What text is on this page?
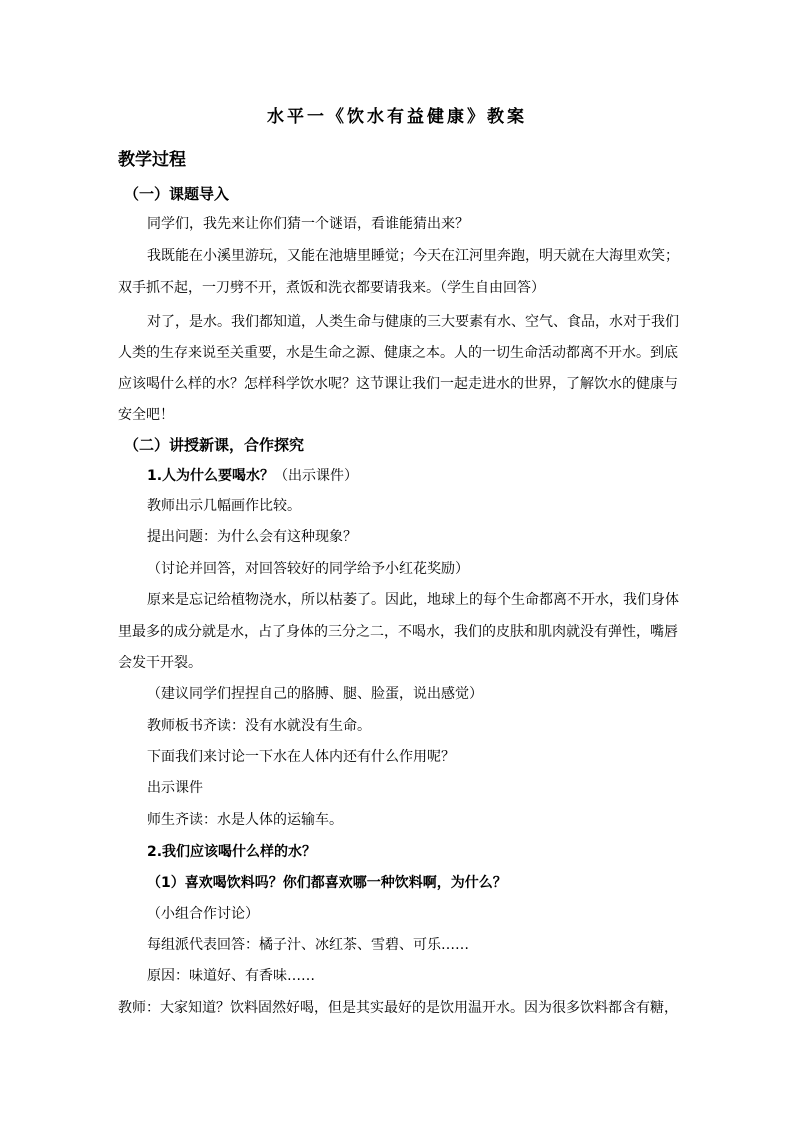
水平一《饮水有益健康》教案
教学过程
（一）课题导入
同学们，我先来让你们猜一个谜语，看谁能猜出来？
我既能在小溪里游玩，又能在池塘里睡觉；今天在江河里奔跑，明天就在大海里欢笑；
双手抓不起，一刀劈不开，煮饭和洗衣都要请我来。（学生自由回答）
对了，是水。我们都知道，人类生命与健康的三大要素有水、空气、食品，水对于我们
人类的生存来说至关重要，水是生命之源、健康之本。人的一切生命活动都离不开水。到底
应该喝什么样的水？怎样科学饮水呢？这节课让我们一起走进水的世界，了解饮水的健康与
安全吧！
（二）讲授新课，合作探究
1.人为什么要喝水？（出示课件）
教师出示几幅画作比较。
提出问题：为什么会有这种现象？
（讨论并回答，对回答较好的同学给予小红花奖励）
原来是忘记给植物浇水，所以枯萎了。因此，地球上的每个生命都离不开水，我们身体
里最多的成分就是水，占了身体的三分之二，不喝水，我们的皮肤和肌肉就没有弹性，嘴唇
会发干开裂。
（建议同学们捏捏自己的胳膊、腿、脸蛋，说出感觉）
教师板书齐读：没有水就没有生命。
下面我们来讨论一下水在人体内还有什么作用呢？
出示课件
师生齐读：水是人体的运输车。
2.我们应该喝什么样的水？
（1）喜欢喝饮料吗？你们都喜欢哪一种饮料啊，为什么？
（小组合作讨论）
每组派代表回答：橘子汁、冰红茶、雪碧、可乐……
原因：味道好、有香味……
教师：大家知道？饮料固然好喝，但是其实最好的是饮用温开水。因为很多饮料都含有糖，
